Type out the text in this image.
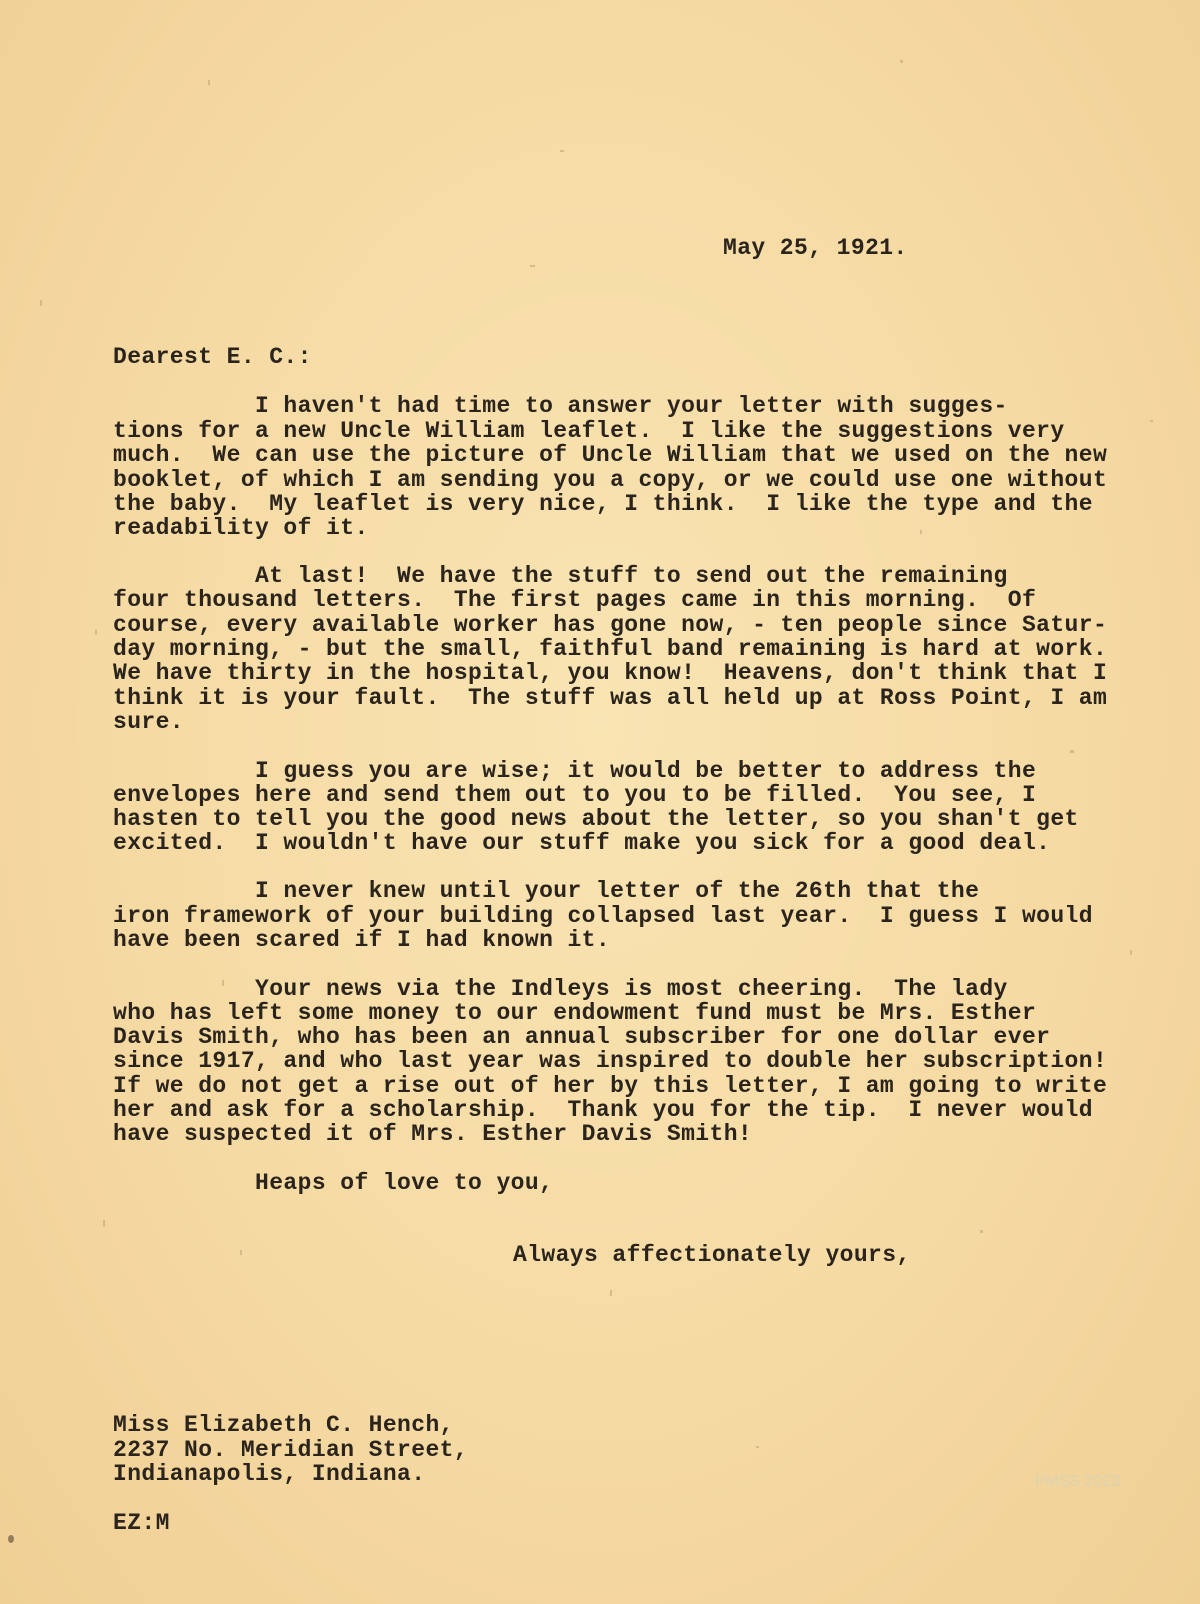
May 25, 1921.
Dearest E. C.:
I haven't had time to answer your letter with sugges-
tions for a new Uncle William leaflet.  I like the suggestions very
much.  We can use the picture of Uncle William that we used on the new
booklet, of which I am sending you a copy, or we could use one without
the baby.  My leaflet is very nice, I think.  I like the type and the
readability of it.
At last!  We have the stuff to send out the remaining
four thousand letters.  The first pages came in this morning.  Of
course, every available worker has gone now, - ten people since Satur-
day morning, - but the small, faithful band remaining is hard at work.
We have thirty in the hospital, you know!  Heavens, don't think that I
think it is your fault.  The stuff was all held up at Ross Point, I am
sure.
I guess you are wise; it would be better to address the
envelopes here and send them out to you to be filled.  You see, I
hasten to tell you the good news about the letter, so you shan't get
excited.  I wouldn't have our stuff make you sick for a good deal.
I never knew until your letter of the 26th that the
iron framework of your building collapsed last year.  I guess I would
have been scared if I had known it.
Your news via the Indleys is most cheering.  The lady
who has left some money to our endowment fund must be Mrs. Esther
Davis Smith, who has been an annual subscriber for one dollar ever
since 1917, and who last year was inspired to double her subscription!
If we do not get a rise out of her by this letter, I am going to write
her and ask for a scholarship.  Thank you for the tip.  I never would
have suspected it of Mrs. Esther Davis Smith!
Heaps of love to you,
Always affectionately yours,
Miss Elizabeth C. Hench,
2237 No. Meridian Street,
Indianapolis, Indiana.
EZ:M
PMSS 2023
